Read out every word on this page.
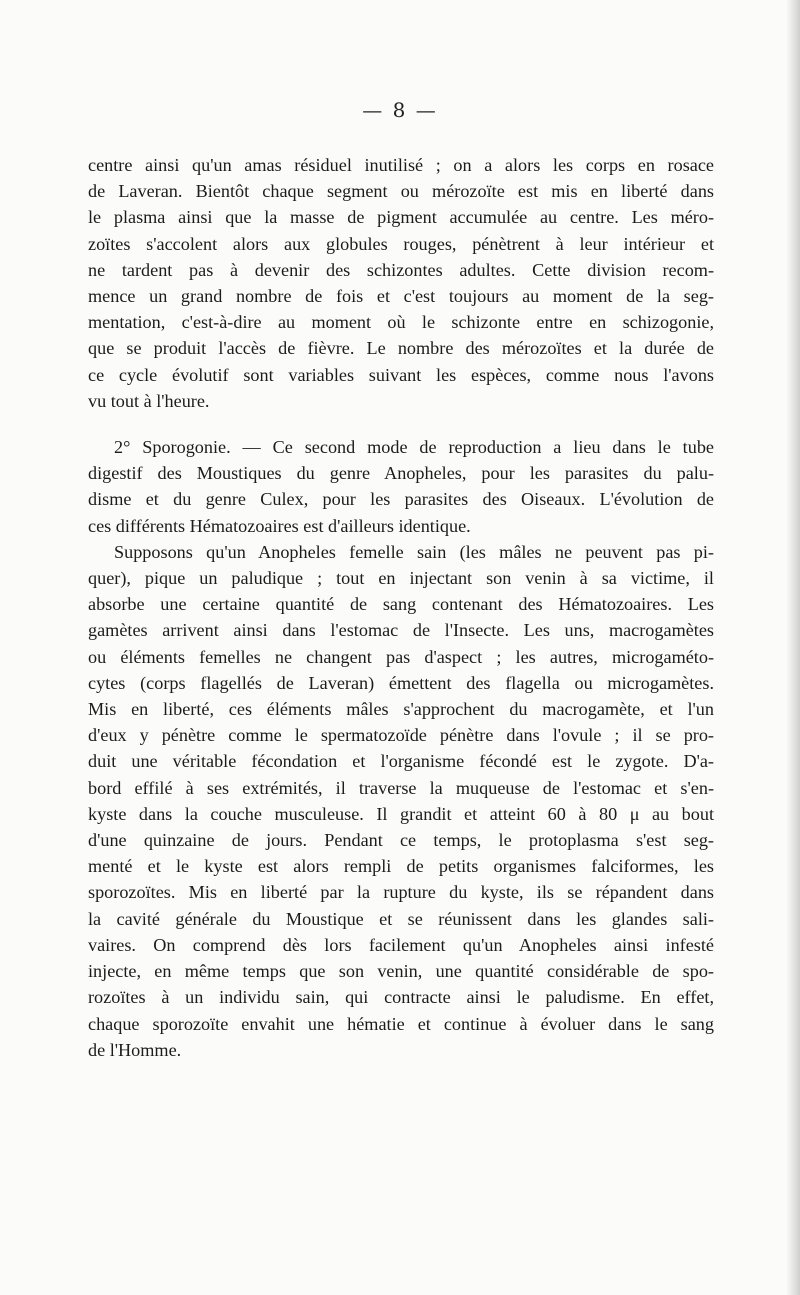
— 8 —
centre ainsi qu'un amas résiduel inutilisé ; on a alors les corps en rosace
de Laveran. Bientôt chaque segment ou mérozoïte est mis en liberté dans
le plasma ainsi que la masse de pigment accumulée au centre. Les méro-
zoïtes s'accolent alors aux globules rouges, pénètrent à leur intérieur et
ne tardent pas à devenir des schizontes adultes. Cette division recom-
mence un grand nombre de fois et c'est toujours au moment de la seg-
mentation, c'est-à-dire au moment où le schizonte entre en schizogonie,
que se produit l'accès de fièvre. Le nombre des mérozoïtes et la durée de
ce cycle évolutif sont variables suivant les espèces, comme nous l'avons
vu tout à l'heure.
2° Sporogonie. — Ce second mode de reproduction a lieu dans le tube
digestif des Moustiques du genre Anopheles, pour les parasites du palu-
disme et du genre Culex, pour les parasites des Oiseaux. L'évolution de
ces différents Hématozoaires est d'ailleurs identique.
Supposons qu'un Anopheles femelle sain (les mâles ne peuvent pas pi-
quer), pique un paludique ; tout en injectant son venin à sa victime, il
absorbe une certaine quantité de sang contenant des Hématozoaires. Les
gamètes arrivent ainsi dans l'estomac de l'Insecte. Les uns, macrogamètes
ou éléments femelles ne changent pas d'aspect ; les autres, microgaméto-
cytes (corps flagellés de Laveran) émettent des flagella ou microgamètes.
Mis en liberté, ces éléments mâles s'approchent du macrogamète, et l'un
d'eux y pénètre comme le spermatozoïde pénètre dans l'ovule ; il se pro-
duit une véritable fécondation et l'organisme fécondé est le zygote. D'a-
bord effilé à ses extrémités, il traverse la muqueuse de l'estomac et s'en-
kyste dans la couche musculeuse. Il grandit et atteint 60 à 80 μ au bout
d'une quinzaine de jours. Pendant ce temps, le protoplasma s'est seg-
menté et le kyste est alors rempli de petits organismes falciformes, les
sporozoïtes. Mis en liberté par la rupture du kyste, ils se répandent dans
la cavité générale du Moustique et se réunissent dans les glandes sali-
vaires. On comprend dès lors facilement qu'un Anopheles ainsi infesté
injecte, en même temps que son venin, une quantité considérable de spo-
rozoïtes à un individu sain, qui contracte ainsi le paludisme. En effet,
chaque sporozoïte envahit une hématie et continue à évoluer dans le sang
de l'Homme.
